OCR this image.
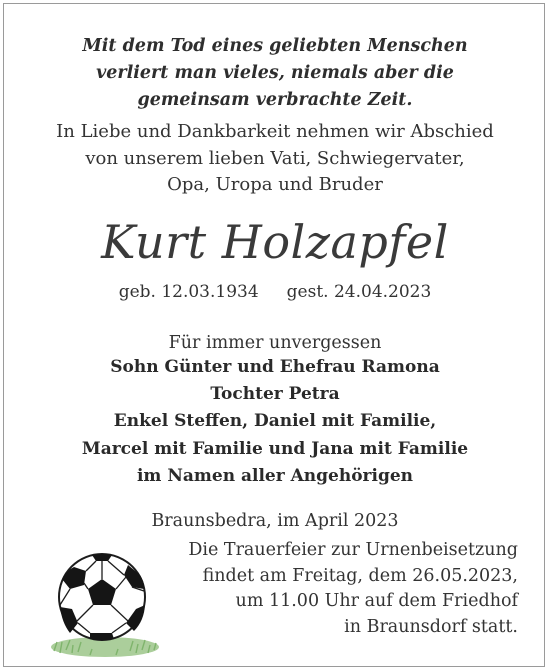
Mit dem Tod eines geliebten Menschen
verliert man vieles, niemals aber die
gemeinsam verbrachte Zeit.
In Liebe und Dankbarkeit nehmen wir Abschied
von unserem lieben Vati, Schwiegervater,
Opa, Uropa und Bruder
Kurt Holzapfel
geb. 12.03.1934 gest. 24.04.2023
Für immer unvergessen
Sohn Günter und Ehefrau Ramona
Tochter Petra
Enkel Steffen, Daniel mit Familie,
Marcel mit Familie und Jana mit Familie
im Namen aller Angehörigen
Braunsbedra, im April 2023
Die Trauerfeier zur Urnenbeisetzung
findet am Freitag, dem 26.05.2023,
um 11.00 Uhr auf dem Friedhof
in Braunsdorf statt.
